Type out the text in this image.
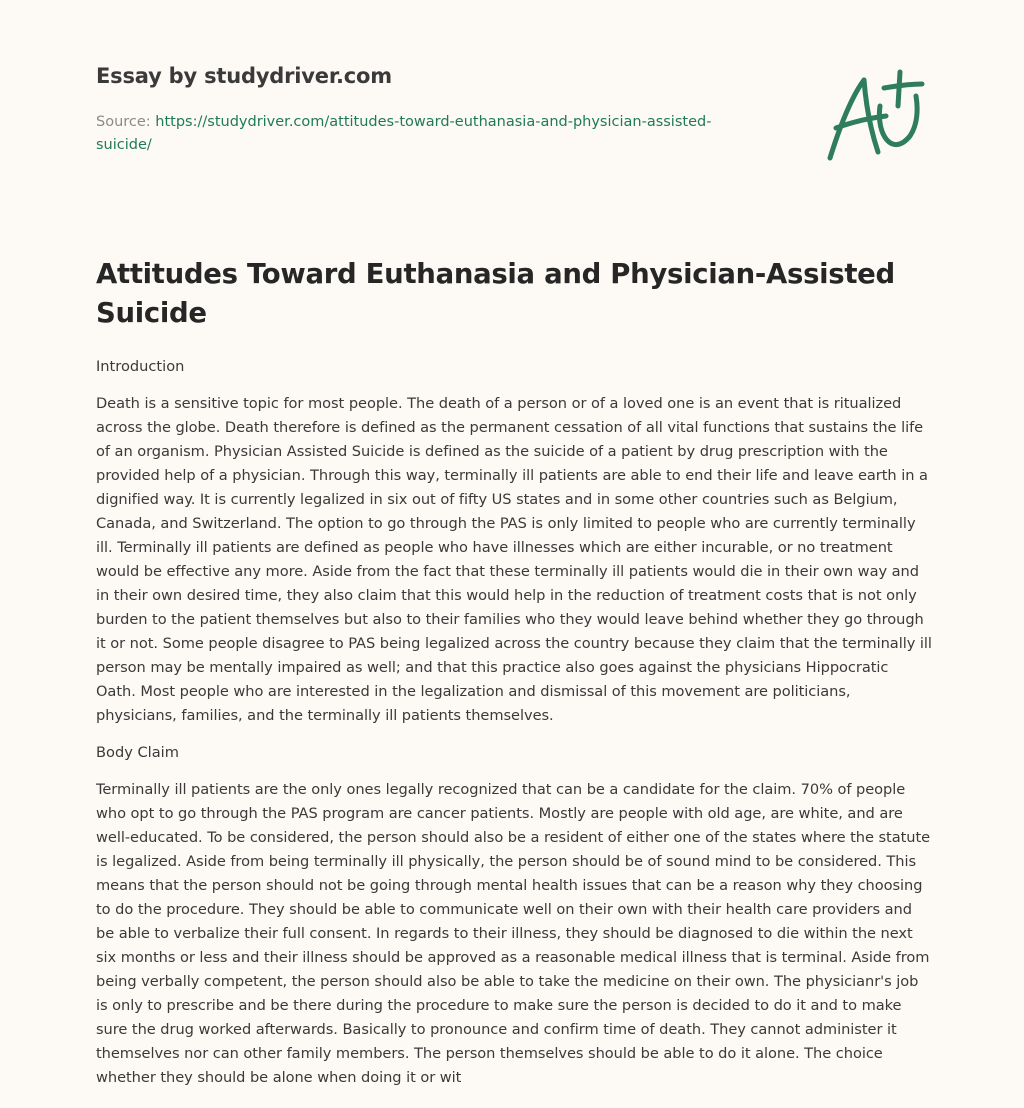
Essay by studydriver.com
Source: https://studydriver.com/attitudes-toward-euthanasia-and-physician-assisted-suicide/
Attitudes Toward Euthanasia and Physician-Assisted Suicide

Introduction

Death is a sensitive topic for most people. The death of a person or of a loved one is an event that is ritualized across the globe. Death therefore is defined as the permanent cessation of all vital functions that sustains the life of an organism. Physician Assisted Suicide is defined as the suicide of a patient by drug prescription with the provided help of a physician. Through this way, terminally ill patients are able to end their life and leave earth in a dignified way. It is currently legalized in six out of fifty US states and in some other countries such as Belgium, Canada, and Switzerland. The option to go through the PAS is only limited to people who are currently terminally ill. Terminally ill patients are defined as people who have illnesses which are either incurable, or no treatment would be effective any more. Aside from the fact that these terminally ill patients would die in their own way and in their own desired time, they also claim that this would help in the reduction of treatment costs that is not only burden to the patient themselves but also to their families who they would leave behind whether they go through it or not. Some people disagree to PAS being legalized across the country because they claim that the terminally ill person may be mentally impaired as well; and that this practice also goes against the physicians Hippocratic Oath. Most people who are interested in the legalization and dismissal of this movement are politicians, physicians, families, and the terminally ill patients themselves.

Body Claim

Terminally ill patients are the only ones legally recognized that can be a candidate for the claim. 70% of people who opt to go through the PAS program are cancer patients. Mostly are people with old age, are white, and are well-educated. To be considered, the person should also be a resident of either one of the states where the statute is legalized. Aside from being terminally ill physically, the person should be of sound mind to be considered. This means that the person should not be going through mental health issues that can be a reason why they choosing to do the procedure. They should be able to communicate well on their own with their health care providers and be able to verbalize their full consent. In regards to their illness, they should be diagnosed to die within the next six months or less and their illness should be approved as a reasonable medical illness that is terminal. Aside from being verbally competent, the person should also be able to take the medicine on their own. The physicianr's job is only to prescribe and be there during the procedure to make sure the person is decided to do it and to make sure the drug worked afterwards. Basically to pronounce and confirm time of death. They cannot administer it themselves nor can other family members. The person themselves should be able to do it alone. The choice whether they should be alone when doing it or wit
